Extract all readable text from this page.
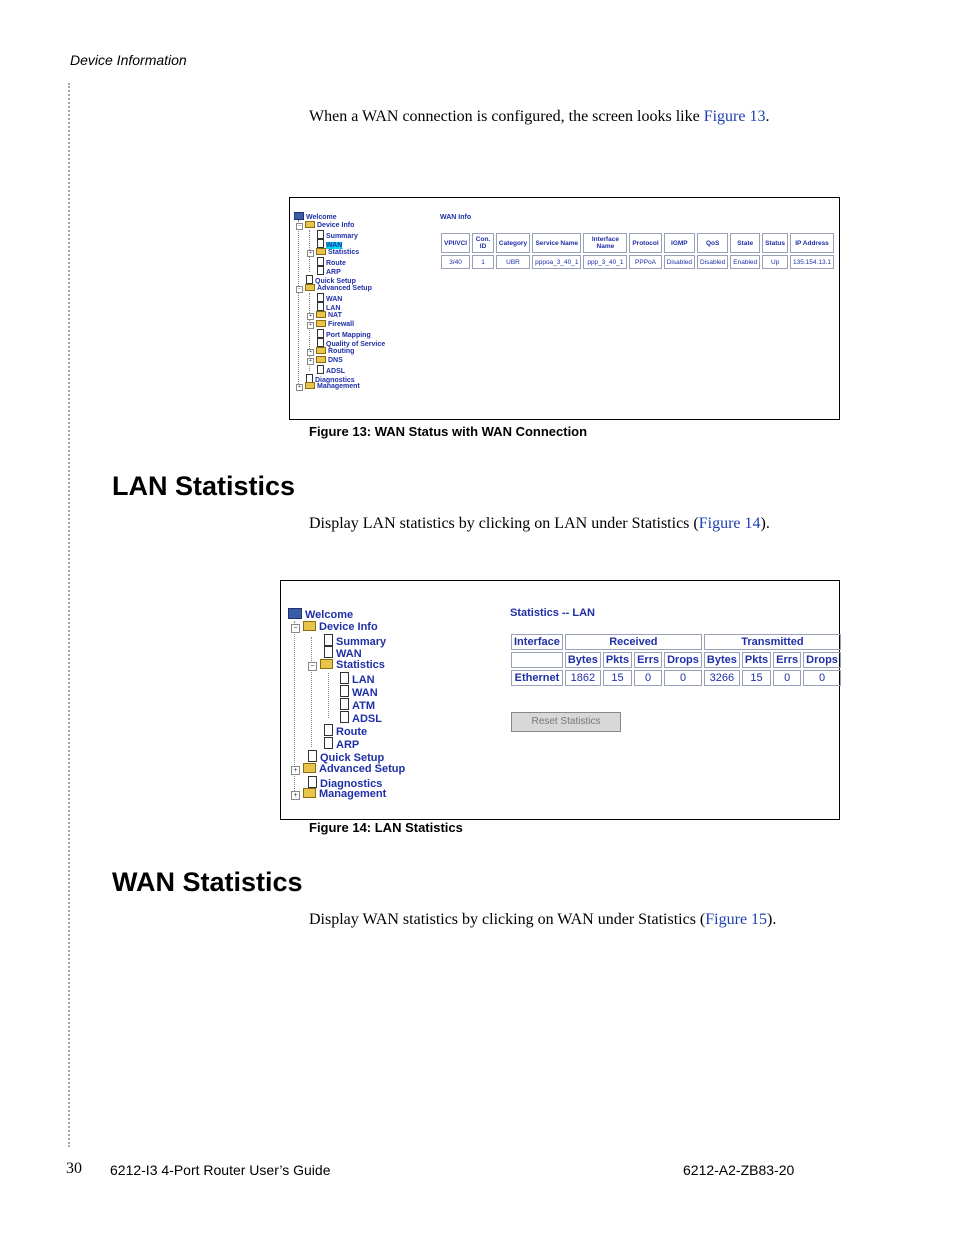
Device Information
When a WAN connection is configured, the screen looks like Figure 13.
Welcome
− Device Info
Summary
WAN
+ Statistics
Route
ARP
Quick Setup
− Advanced Setup
WAN
LAN
+ NAT
+ Firewall
Port Mapping
Quality of Service
+ Routing
+ DNS
ADSL
Diagnostics
+ Management
WAN Info
VPI/VCI	Con. ID	Category	Service Name	Interface Name	Protocol	IGMP	QoS	State	Status	IP Address
3/40	1	UBR	pppoa_3_40_1	ppp_3_40_1	PPPoA	Disabled	Disabled	Enabled	Up	135.154.13.1
Figure 13: WAN Status with WAN Connection
LAN Statistics
Display LAN statistics by clicking on LAN under Statistics (Figure 14).
Welcome
− Device Info
Summary
WAN
− Statistics
LAN
WAN
ATM
ADSL
Route
ARP
Quick Setup
+ Advanced Setup
Diagnostics
+ Management
Statistics -- LAN
Interface	Received				Transmitted			
	Bytes	Pkts	Errs	Drops	Bytes	Pkts	Errs	Drops
Ethernet	1862	15	0	0	3266	15	0	0
Reset Statistics
Figure 14: LAN Statistics
WAN Statistics
Display WAN statistics by clicking on WAN under Statistics (Figure 15).
30 6212-I3 4-Port Router User’s Guide	6212-A2-ZB83-20
